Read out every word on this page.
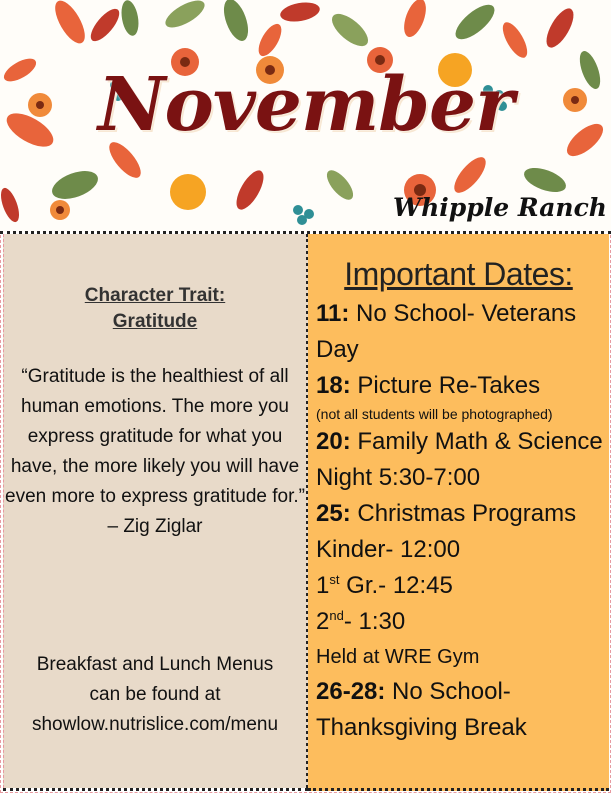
November
Whipple Ranch
Character Trait:
Gratitude
“Gratitude is the healthiest of all human emotions. The more you express gratitude for what you have, the more likely you will have even more to express gratitude for.”
– Zig Ziglar
Breakfast and Lunch Menus
can be found at
showlow.nutrislice.com/menu
Important Dates:
11: No School- Veterans Day
18: Picture Re-Takes
(not all students will be photographed)
20: Family Math & Science Night 5:30-7:00
25: Christmas Programs
Kinder- 12:00
1st Gr.- 12:45
2nd- 1:30
Held at WRE Gym
26-28: No School- Thanksgiving Break
